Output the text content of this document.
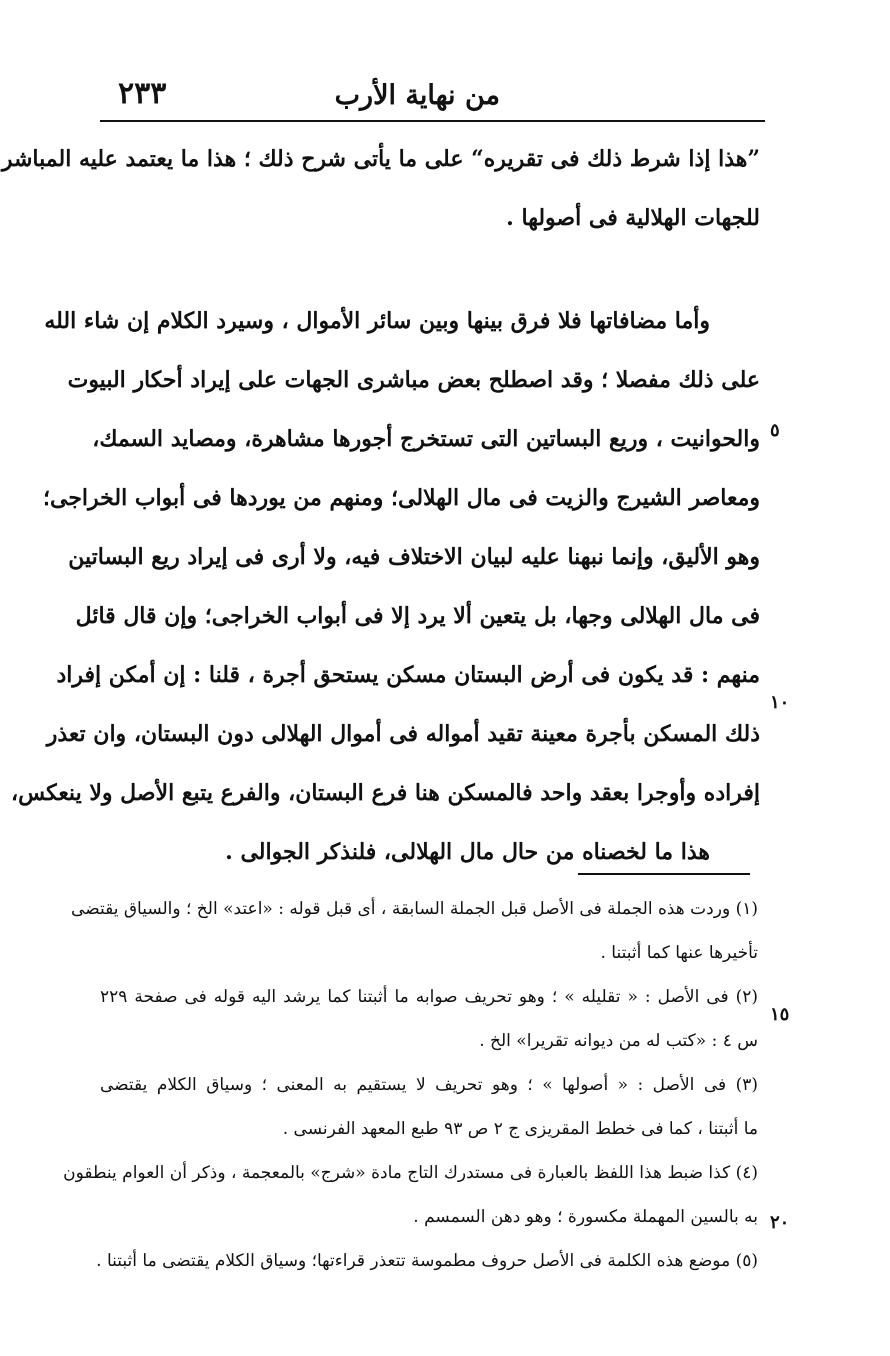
من نهاية الأرب
٢٣٣
”هذا إذا شرط ذلك فى تقريره“ على ما يأتى شرح ذلك ؛ هذا ما يعتمد عليه المباشر
للجهات الهلالية فى أصولها .
وأما مضافاتها فلا فرق بينها وبين سائر الأموال ، وسيرد الكلام إن شاء الله
على ذلك مفصلا ؛ وقد اصطلح بعض مباشرى الجهات على إيراد أحكار البيوت
والحوانيت ، وريع البساتين التى تستخرج أجورها مشاهرة، ومصايد السمك،
ومعاصر الشيرج والزيت فى مال الهلالى؛ ومنهم من يوردها فى أبواب الخراجى؛
وهو الأليق، وإنما نبهنا عليه لبيان الاختلاف فيه، ولا أرى فى إيراد ريع البساتين
فى مال الهلالى وجها، بل يتعين ألا يرد إلا فى أبواب الخراجى؛ وإن قال قائل
منهم : قد يكون فى أرض البستان مسكن يستحق أجرة ، قلنا : إن أمكن إفراد
ذلك المسكن بأجرة معينة تقيد أمواله فى أموال الهلالى دون البستان، وان تعذر
إفراده وأوجرا بعقد واحد فالمسكن هنا فرع البستان، والفرع يتبع الأصل ولا ينعكس،
هذا ما لخصناه من حال مال الهلالى، فلنذكر الجوالى .
٥
١٠
١٥
٢٠
(١) وردت هذه الجملة فى الأصل قبل الجملة السابقة ، أى قبل قوله : «اعتد» الخ ؛ والسياق يقتضى
تأخيرها عنها كما أثبتنا .
(٢) فى الأصل : « تقليله » ؛ وهو تحريف صوابه ما أثبتنا كما يرشد اليه قوله فى صفحة ٢٢٩
س ٤ : «كتب له من ديوانه تقريرا» الخ .
(٣) فى الأصل : « أصولها » ؛ وهو تحريف لا يستقيم به المعنى ؛ وسياق الكلام يقتضى
ما أثبتنا ، كما فى خطط المقريزى ج ٢ ص ٩٣ طبع المعهد الفرنسى .
(٤) كذا ضبط هذا اللفظ بالعبارة فى مستدرك التاج مادة «شرج» بالمعجمة ، وذكر أن العوام ينطقون
به بالسين المهملة مكسورة ؛ وهو دهن السمسم .
(٥) موضع هذه الكلمة فى الأصل حروف مطموسة تتعذر قراءتها؛ وسياق الكلام يقتضى ما أثبتنا .
